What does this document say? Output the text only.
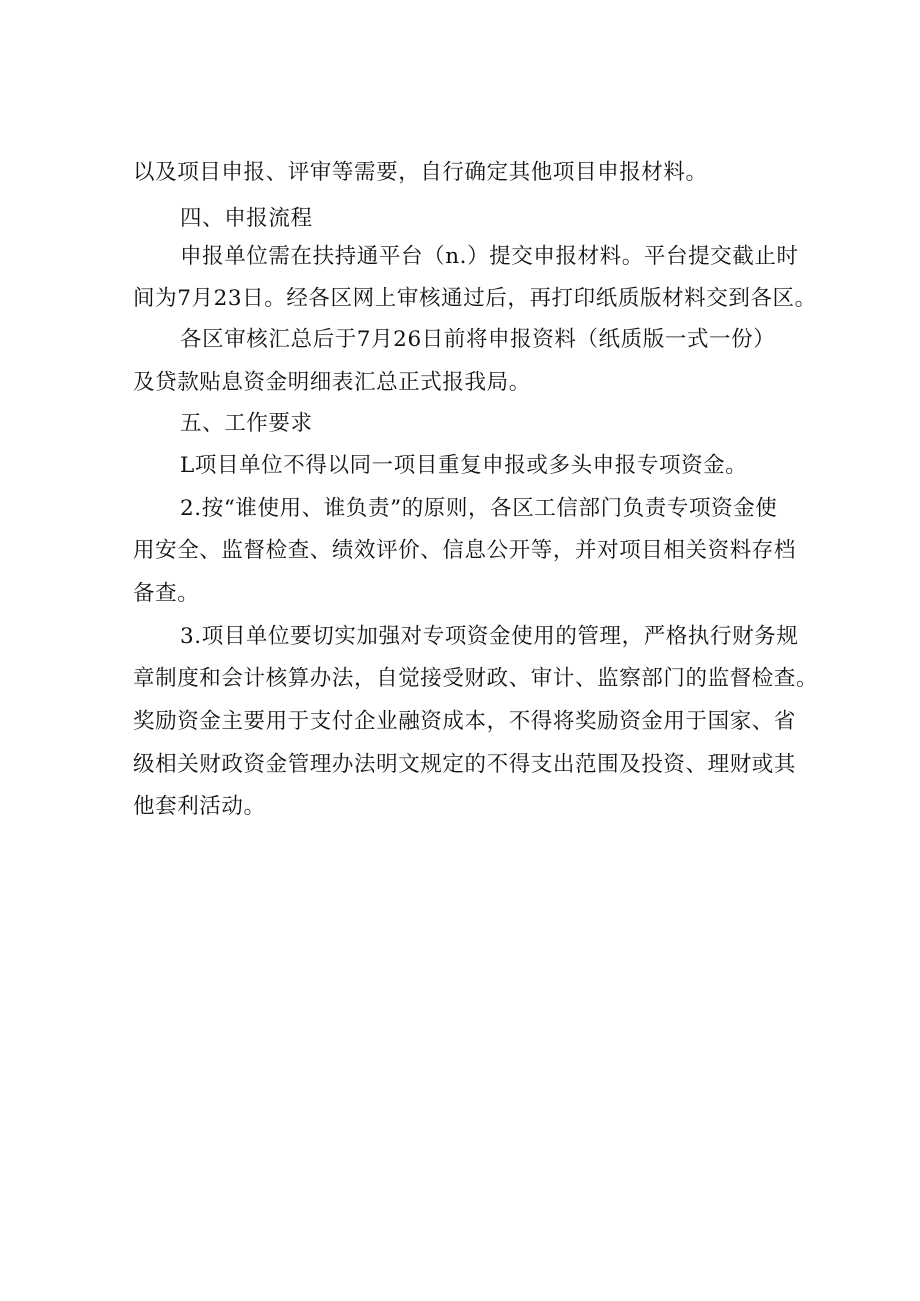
以及项目申报、评审等需要，自行确定其他项目申报材料。
四、申报流程
申报单位需在扶持通平台（n.）提交申报材料。平台提交截止时
间为7月23日。经各区网上审核通过后，再打印纸质版材料交到各区。
各区审核汇总后于7月26日前将申报资料（纸质版一式一份）
及贷款贴息资金明细表汇总正式报我局。
五、工作要求
L项目单位不得以同一项目重复申报或多头申报专项资金。
2.按“谁使用、谁负责”的原则，各区工信部门负责专项资金使
用安全、监督检查、绩效评价、信息公开等，并对项目相关资料存档
备查。
3.项目单位要切实加强对专项资金使用的管理，严格执行财务规
章制度和会计核算办法，自觉接受财政、审计、监察部门的监督检查。
奖励资金主要用于支付企业融资成本，不得将奖励资金用于国家、省
级相关财政资金管理办法明文规定的不得支出范围及投资、理财或其
他套利活动。
